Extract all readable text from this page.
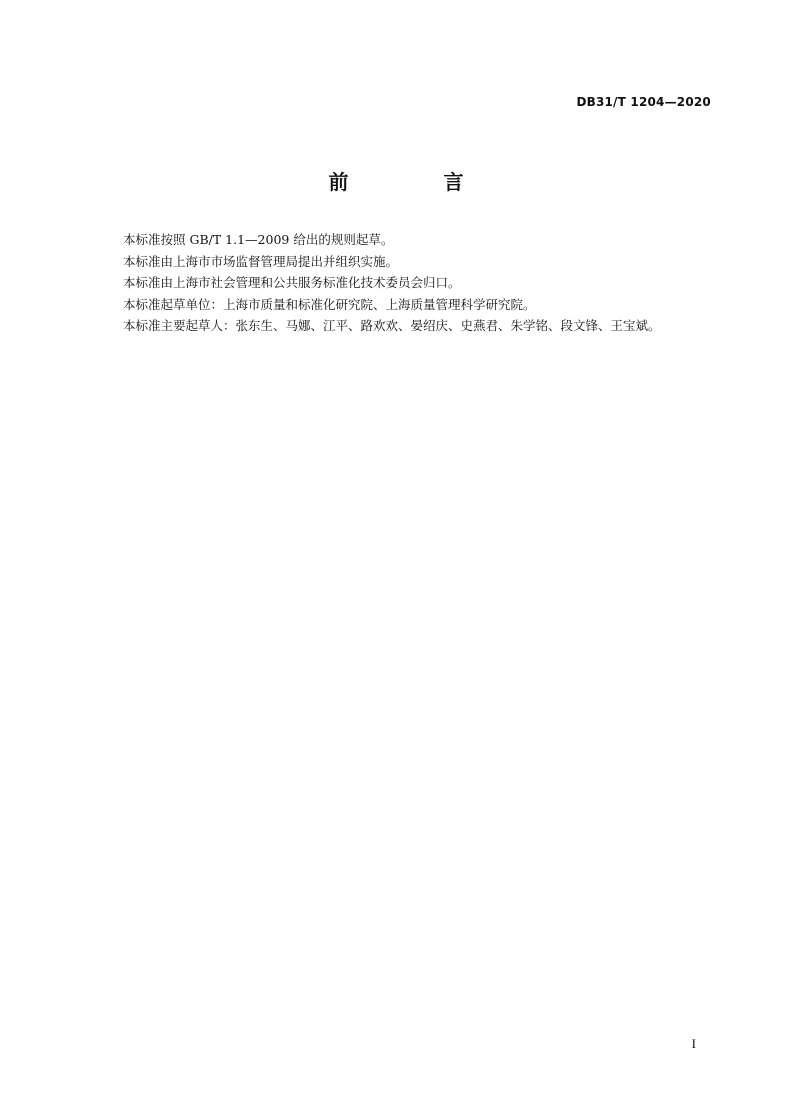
DB31/T 1204—2020
前 言

本标准按照 GB/T 1.1—2009 给出的规则起草。

本标准由上海市市场监督管理局提出并组织实施。

本标准由上海市社会管理和公共服务标准化技术委员会归口。

本标准起草单位：上海市质量和标准化研究院、上海质量管理科学研究院。

本标准主要起草人：张东生、马娜、江平、路欢欢、晏绍庆、史燕君、朱学铭、段文锋、王宝斌。

I
